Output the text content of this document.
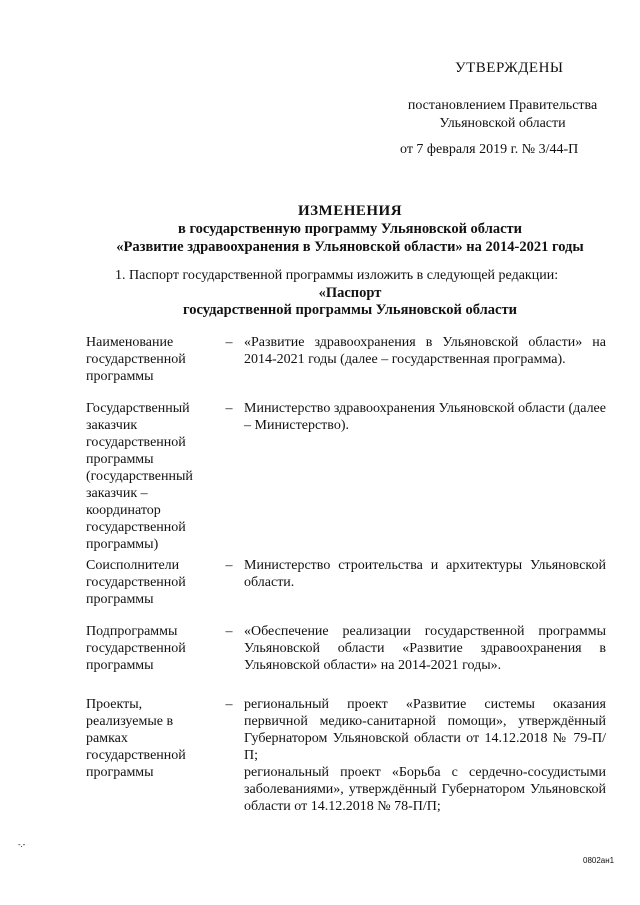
УТВЕРЖДЕНЫ
постановлением Правительства
Ульяновской области
от 7 февраля 2019 г. № 3/44-П
ИЗМЕНЕНИЯ
в государственную программу Ульяновской области
«Развитие здравоохранения в Ульяновской области» на 2014-2021 годы
1. Паспорт государственной программы изложить в следующей редакции:
«Паспорт
государственной программы Ульяновской области
Наименование государственной программы
– «Развитие здравоохранения в Ульяновской области» на 2014-2021 годы (далее – государственная программа).

Государственный заказчик государственной программы (государственный заказчик – координатор государственной программы)
– Министерство здравоохранения Ульяновской области (далее – Министерство).

Соисполнители государственной программы
– Министерство строительства и архитектуры Ульяновской области.

Подпрограммы государственной программы
– «Обеспечение реализации государственной программы Ульяновской области «Развитие здравоохранения в Ульяновской области» на 2014-2021 годы».

Проекты, реализуемые в рамках государственной программы
– региональный проект «Развитие системы оказания первичной медико-санитарной помощи», утверждённый Губернатором Ульяновской области от 14.12.2018 № 79-П/П;

региональный проект «Борьба с сердечно-сосудистыми заболеваниями», утверждённый Губернатором Ульяновской области от 14.12.2018 № 78-П/П;

-.-
0802ан1
